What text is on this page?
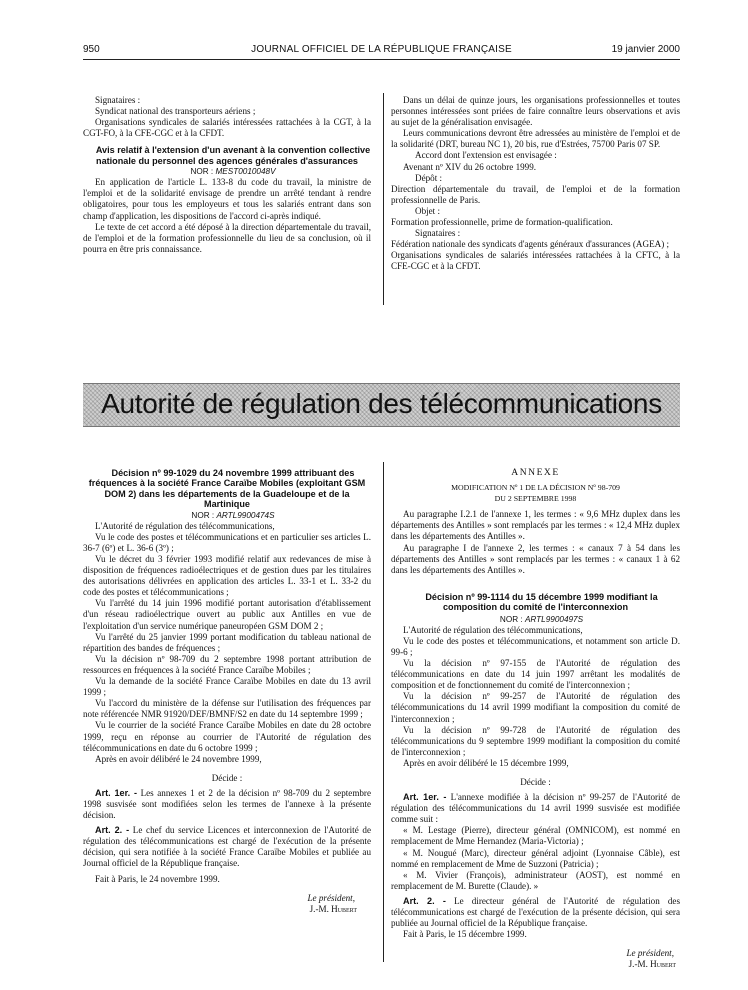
950	JOURNAL OFFICIEL DE LA RÉPUBLIQUE FRANÇAISE	19 janvier 2000

Signataires :

Syndicat national des transporteurs aériens ;

Organisations syndicales de salariés intéressées rattachées à la CGT, à la CGT-FO, à la CFE-CGC et à la CFDT.

Avis relatif à l'extension d'un avenant à la convention collective nationale du personnel des agences générales d'assurances

NOR : MEST0010048V

En application de l'article L. 133-8 du code du travail, la ministre de l'emploi et de la solidarité envisage de prendre un arrêté tendant à rendre obligatoires, pour tous les employeurs et tous les salariés entrant dans son champ d'application, les dispositions de l'accord ci-après indiqué.

Le texte de cet accord a été déposé à la direction départementale du travail, de l'emploi et de la formation professionnelle du lieu de sa conclusion, où il pourra en être pris connaissance.

Dans un délai de quinze jours, les organisations professionnelles et toutes personnes intéressées sont priées de faire connaître leurs observations et avis au sujet de la généralisation envisagée.

Leurs communications devront être adressées au ministère de l'emploi et de la solidarité (DRT, bureau NC 1), 20 bis, rue d'Estrées, 75700 Paris 07 SP.

Accord dont l'extension est envisagée :

Avenant nº XIV du 26 octobre 1999.

Dépôt :

Direction départementale du travail, de l'emploi et de la formation professionnelle de Paris.

Objet :

Formation professionnelle, prime de formation-qualification.

Signataires :

Fédération nationale des syndicats d'agents généraux d'assurances (AGEA) ;

Organisations syndicales de salariés intéressées rattachées à la CFTC, à la CFE-CGC et à la CFDT.

Autorité de régulation des télécommunications

Décision nº 99-1029 du 24 novembre 1999 attribuant des fréquences à la société France Caraïbe Mobiles (exploitant GSM DOM 2) dans les départements de la Guadeloupe et de la Martinique

NOR : ARTL9900474S

L'Autorité de régulation des télécommunications,

Vu le code des postes et télécommunications et en particulier ses articles L. 36-7 (6º) et L. 36-6 (3º) ;

Vu le décret du 3 février 1993 modifié relatif aux redevances de mise à disposition de fréquences radioélectriques et de gestion dues par les titulaires des autorisations délivrées en application des articles L. 33-1 et L. 33-2 du code des postes et télécommunications ;

Vu l'arrêté du 14 juin 1996 modifié portant autorisation d'établissement d'un réseau radioélectrique ouvert au public aux Antilles en vue de l'exploitation d'un service numérique paneuropéen GSM DOM 2 ;

Vu l'arrêté du 25 janvier 1999 portant modification du tableau national de répartition des bandes de fréquences ;

Vu la décision nº 98-709 du 2 septembre 1998 portant attribution de ressources en fréquences à la société France Caraïbe Mobiles ;

Vu la demande de la société France Caraïbe Mobiles en date du 13 avril 1999 ;

Vu l'accord du ministère de la défense sur l'utilisation des fréquences par note référencée NMR 91920/DEF/BMNF/S2 en date du 14 septembre 1999 ;

Vu le courrier de la société France Caraïbe Mobiles en date du 28 octobre 1999, reçu en réponse au courrier de l'Autorité de régulation des télécommunications en date du 6 octobre 1999 ;

Après en avoir délibéré le 24 novembre 1999,

Décide :

Art. 1er. - Les annexes 1 et 2 de la décision nº 98-709 du 2 septembre 1998 susvisée sont modifiées selon les termes de l'annexe à la présente décision.

Art. 2. - Le chef du service Licences et interconnexion de l'Autorité de régulation des télécommunications est chargé de l'exécution de la présente décision, qui sera notifiée à la société France Caraïbe Mobiles et publiée au Journal officiel de la République française.

Fait à Paris, le 24 novembre 1999.

Le président,

J.-M. Hubert

ANNEXE

MODIFICATION Nº 1 DE LA DÉCISION Nº 98-709

DU 2 SEPTEMBRE 1998

Au paragraphe I.2.1 de l'annexe 1, les termes : « 9,6 MHz duplex dans les départements des Antilles » sont remplacés par les termes : « 12,4 MHz duplex dans les départements des Antilles ».

Au paragraphe I de l'annexe 2, les termes : « canaux 7 à 54 dans les départements des Antilles » sont remplacés par les termes : « canaux 1 à 62 dans les départements des Antilles ».

Décision nº 99-1114 du 15 décembre 1999 modifiant la composition du comité de l'interconnexion

NOR : ARTL9900497S

L'Autorité de régulation des télécommunications,

Vu le code des postes et télécommunications, et notamment son article D. 99-6 ;

Vu la décision nº 97-155 de l'Autorité de régulation des télécommunications en date du 14 juin 1997 arrêtant les modalités de composition et de fonctionnement du comité de l'interconnexion ;

Vu la décision nº 99-257 de l'Autorité de régulation des télécommunications du 14 avril 1999 modifiant la composition du comité de l'interconnexion ;

Vu la décision nº 99-728 de l'Autorité de régulation des télécommunications du 9 septembre 1999 modifiant la composition du comité de l'interconnexion ;

Après en avoir délibéré le 15 décembre 1999,

Décide :

Art. 1er. - L'annexe modifiée à la décision nº 99-257 de l'Autorité de régulation des télécommunications du 14 avril 1999 susvisée est modifiée comme suit :

« M. Lestage (Pierre), directeur général (OMNICOM), est nommé en remplacement de Mme Hernandez (Maria-Victoria) ;

« M. Nougué (Marc), directeur général adjoint (Lyonnaise Câble), est nommé en remplacement de Mme de Suzzoni (Patricia) ;

« M. Vivier (François), administrateur (AOST), est nommé en remplacement de M. Burette (Claude). »

Art. 2. - Le directeur général de l'Autorité de régulation des télécommunications est chargé de l'exécution de la présente décision, qui sera publiée au Journal officiel de la République française.

Fait à Paris, le 15 décembre 1999.

Le président,

J.-M. Hubert
